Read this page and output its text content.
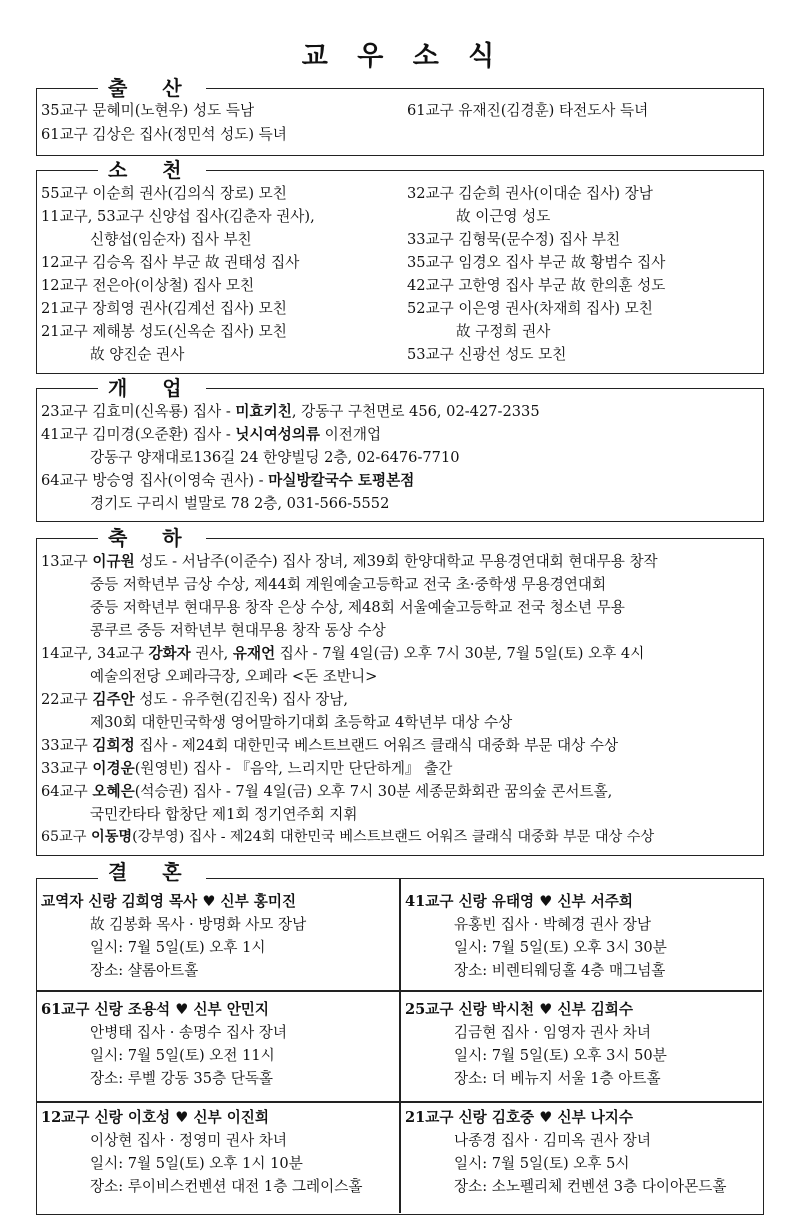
교 우 소 식
출 산
35교구 문혜미(노현우) 성도 득남	61교구 유재진(김경훈) 타전도사 득녀
61교구 김상은 집사(정민석 성도) 득녀
소 천
55교구 이순희 권사(김의식 장로) 모친
11교구, 53교구 신양섭 집사(김춘자 권사),
신향섭(임순자) 집사 부친
12교구 김승옥 집사 부군 故 권태성 집사
12교구 전은아(이상철) 집사 모친
21교구 장희영 권사(김계선 집사) 모친
21교구 제해봉 성도(신옥순 집사) 모친
故 양진순 권사
32교구 김순희 권사(이대순 집사) 장남
故 이근영 성도
33교구 김형묵(문수정) 집사 부친
35교구 임경오 집사 부군 故 황범수 집사
42교구 고한영 집사 부군 故 한의훈 성도
52교구 이은영 권사(차재희 집사) 모친
故 구정희 권사
53교구 신광선 성도 모친
개 업
23교구 김효미(신옥룡) 집사 - 미효키친, 강동구 구천면로 456, 02-427-2335
41교구 김미경(오준환) 집사 - 닛시여성의류 이전개업
강동구 양재대로136길 24 한양빌딩 2층, 02-6476-7710
64교구 방승영 집사(이영숙 권사) - 마실방칼국수 토평본점
경기도 구리시 벌말로 78 2층, 031-566-5552
축 하
13교구 이규원 성도 - 서남주(이준수) 집사 장녀, 제39회 한양대학교 무용경연대회 현대무용 창작
중등 저학년부 금상 수상, 제44회 계원예술고등학교 전국 초·중학생 무용경연대회
중등 저학년부 현대무용 창작 은상 수상, 제48회 서울예술고등학교 전국 청소년 무용
콩쿠르 중등 저학년부 현대무용 창작 동상 수상
14교구, 34교구 강화자 권사, 유재언 집사 - 7월 4일(금) 오후 7시 30분, 7월 5일(토) 오후 4시
예술의전당 오페라극장, 오페라 <돈 조반니>
22교구 김주안 성도 - 유주현(김진욱) 집사 장남,
제30회 대한민국학생 영어말하기대회 초등학교 4학년부 대상 수상
33교구 김희정 집사 - 제24회 대한민국 베스트브랜드 어워즈 클래식 대중화 부문 대상 수상
33교구 이경운(원영빈) 집사 - 『음악, 느리지만 단단하게』 출간
64교구 오혜은(석승권) 집사 - 7월 4일(금) 오후 7시 30분 세종문화회관 꿈의숲 콘서트홀,
국민칸타타 합창단 제1회 정기연주회 지휘
65교구 이동명(강부영) 집사 - 제24회 대한민국 베스트브랜드 어워즈 클래식 대중화 부문 대상 수상
결 혼
교역자 신랑 김희영 목사 ♥ 신부 홍미진
故 김봉화 목사 · 방명화 사모 장남
일시: 7월 5일(토) 오후 1시
장소: 샬롬아트홀
41교구 신랑 유태영 ♥ 신부 서주희
유홍빈 집사 · 박혜경 권사 장남
일시: 7월 5일(토) 오후 3시 30분
장소: 비렌티웨딩홀 4층 매그넘홀
61교구 신랑 조용석 ♥ 신부 안민지
안병태 집사 · 송명수 집사 장녀
일시: 7월 5일(토) 오전 11시
장소: 루벨 강동 35층 단독홀
25교구 신랑 박시천 ♥ 신부 김희수
김금현 집사 · 임영자 권사 차녀
일시: 7월 5일(토) 오후 3시 50분
장소: 더 베뉴지 서울 1층 아트홀
12교구 신랑 이호성 ♥ 신부 이진희
이상현 집사 · 정영미 권사 차녀
일시: 7월 5일(토) 오후 1시 10분
장소: 루이비스컨벤션 대전 1층 그레이스홀
21교구 신랑 김호중 ♥ 신부 나지수
나종경 집사 · 김미옥 권사 장녀
일시: 7월 5일(토) 오후 5시
장소: 소노펠리체 컨벤션 3층 다이아몬드홀
